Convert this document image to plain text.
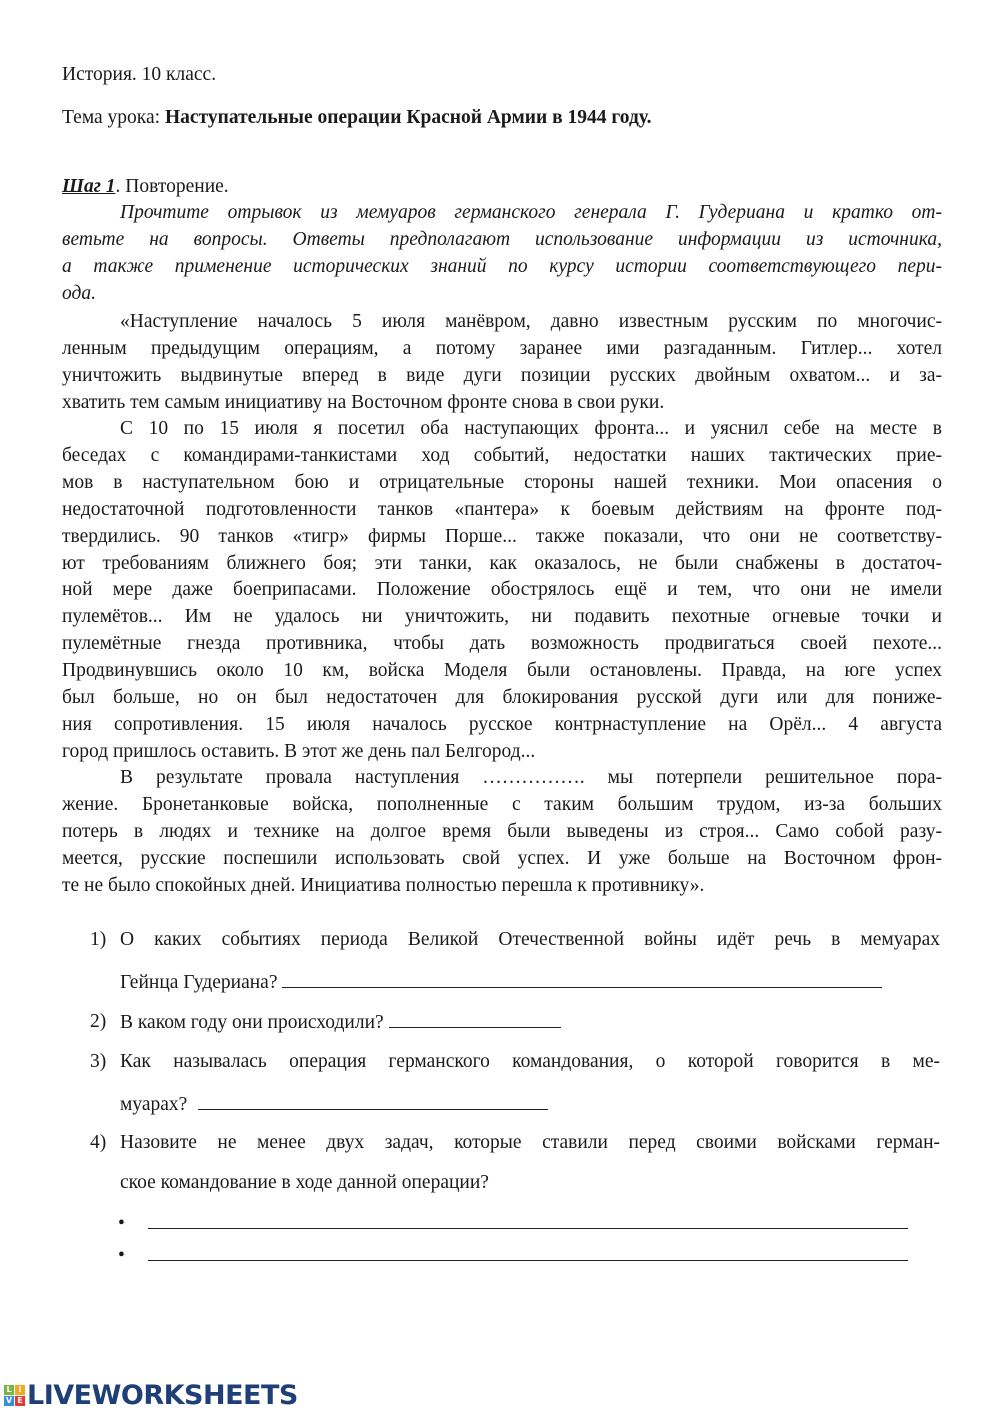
История. 10 класс.
Тема урока: Наступательные операции Красной Армии в 1944 году.
Шаг 1. Повторение.
Прочтите отрывок из мемуаров германского генерала Г. Гудериана и кратко от-
ветьте на вопросы. Ответы предполагают использование информации из источника,
а также применение исторических знаний по курсу истории соответствующего пери-
ода.
«Наступление началось 5 июля манёвром, давно известным русским по многочис-
ленным предыдущим операциям, а потому заранее ими разгаданным. Гитлер... хотел
уничтожить выдвинутые вперед в виде дуги позиции русских двойным охватом... и за-
хватить тем самым инициативу на Восточном фронте снова в свои руки.
С 10 по 15 июля я посетил оба наступающих фронта... и уяснил себе на месте в
беседах с командирами-танкистами ход событий, недостатки наших тактических прие-
мов в наступательном бою и отрицательные стороны нашей техники. Мои опасения о
недостаточной подготовленности танков «пантера» к боевым действиям на фронте под-
твердились. 90 танков «тигр» фирмы Порше... также показали, что они не соответству-
ют требованиям ближнего боя; эти танки, как оказалось, не были снабжены в достаточ-
ной мере даже боеприпасами. Положение обострялось ещё и тем, что они не имели
пулемётов... Им не удалось ни уничтожить, ни подавить пехотные огневые точки и
пулемётные гнезда противника, чтобы дать возможность продвигаться своей пехоте...
Продвинувшись около 10 км, войска Моделя были остановлены. Правда, на юге успех
был больше, но он был недостаточен для блокирования русской дуги или для пониже-
ния сопротивления. 15 июля началось русское контрнаступление на Орёл... 4 августа
город пришлось оставить. В этот же день пал Белгород...
В результате провала наступления ……………. мы потерпели решительное пора-
жение. Бронетанковые войска, пополненные с таким большим трудом, из-за больших
потерь в людях и технике на долгое время были выведены из строя... Само собой разу-
меется, русские поспешили использовать свой успех. И уже больше на Восточном фрон-
те не было спокойных дней. Инициатива полностью перешла к противнику».
1) О каких событиях периода Великой Отечественной войны идёт речь в мемуарах
Гейнца Гудериана?
2) В каком году они происходили?
3) Как называлась операция германского командования, о которой говорится в ме-
муарах?
4) Назовите не менее двух задач, которые ставили перед своими войсками герман-
ское командование в ходе данной операции?
•
•
L I
V E LIVEWORKSHEETS
